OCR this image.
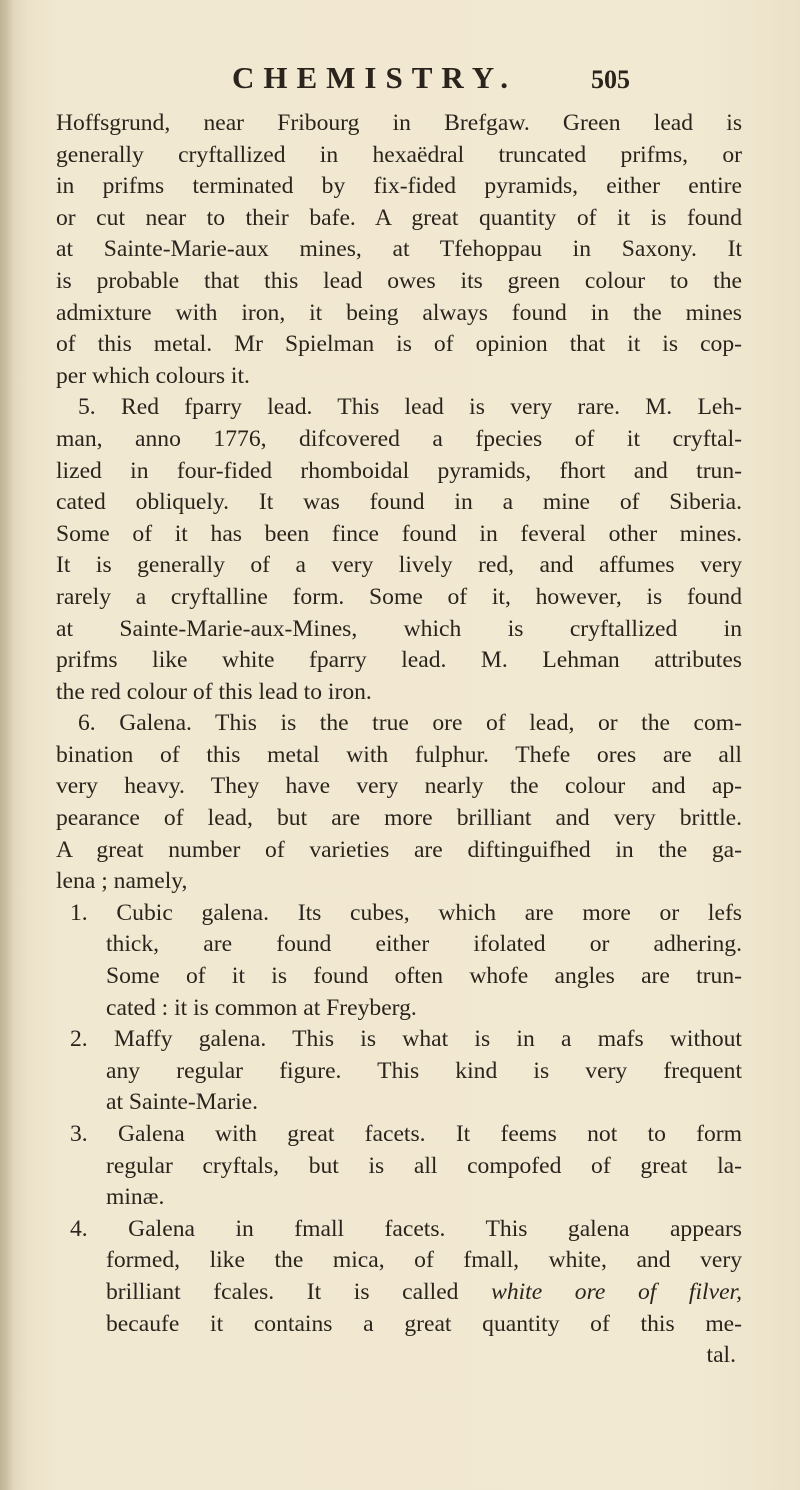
CHEMISTRY.	505
Hoffsgrund, near Fribourg in Brefgaw. Green lead is
generally cryftallized in hexaëdral truncated prifms, or
in prifms terminated by fix-fided pyramids, either entire
or cut near to their bafe. A great quantity of it is found
at Sainte-Marie-aux mines, at Tfehoppau in Saxony. It
is probable that this lead owes its green colour to the
admixture with iron, it being always found in the mines
of this metal. Mr Spielman is of opinion that it is cop-
per which colours it.
5. Red fparry lead. This lead is very rare. M. Leh-
man, anno 1776, difcovered a fpecies of it cryftal-
lized in four-fided rhomboidal pyramids, fhort and trun-
cated obliquely. It was found in a mine of Siberia.
Some of it has been fince found in feveral other mines.
It is generally of a very lively red, and affumes very
rarely a cryftalline form. Some of it, however, is found
at Sainte-Marie-aux-Mines, which is cryftallized in
prifms like white fparry lead. M. Lehman attributes
the red colour of this lead to iron.
6. Galena. This is the true ore of lead, or the com-
bination of this metal with fulphur. Thefe ores are all
very heavy. They have very nearly the colour and ap-
pearance of lead, but are more brilliant and very brittle.
A great number of varieties are diftinguifhed in the ga-
lena ; namely,
1. Cubic galena. Its cubes, which are more or lefs
thick, are found either ifolated or adhering.
Some of it is found often whofe angles are trun-
cated : it is common at Freyberg.
2. Maffy galena. This is what is in a mafs without
any regular figure. This kind is very frequent
at Sainte-Marie.
3. Galena with great facets. It feems not to form
regular cryftals, but is all compofed of great la-
minæ.
4. Galena in fmall facets. This galena appears
formed, like the mica, of fmall, white, and very
brilliant fcales. It is called white ore of filver,
becaufe it contains a great quantity of this me-
tal.
